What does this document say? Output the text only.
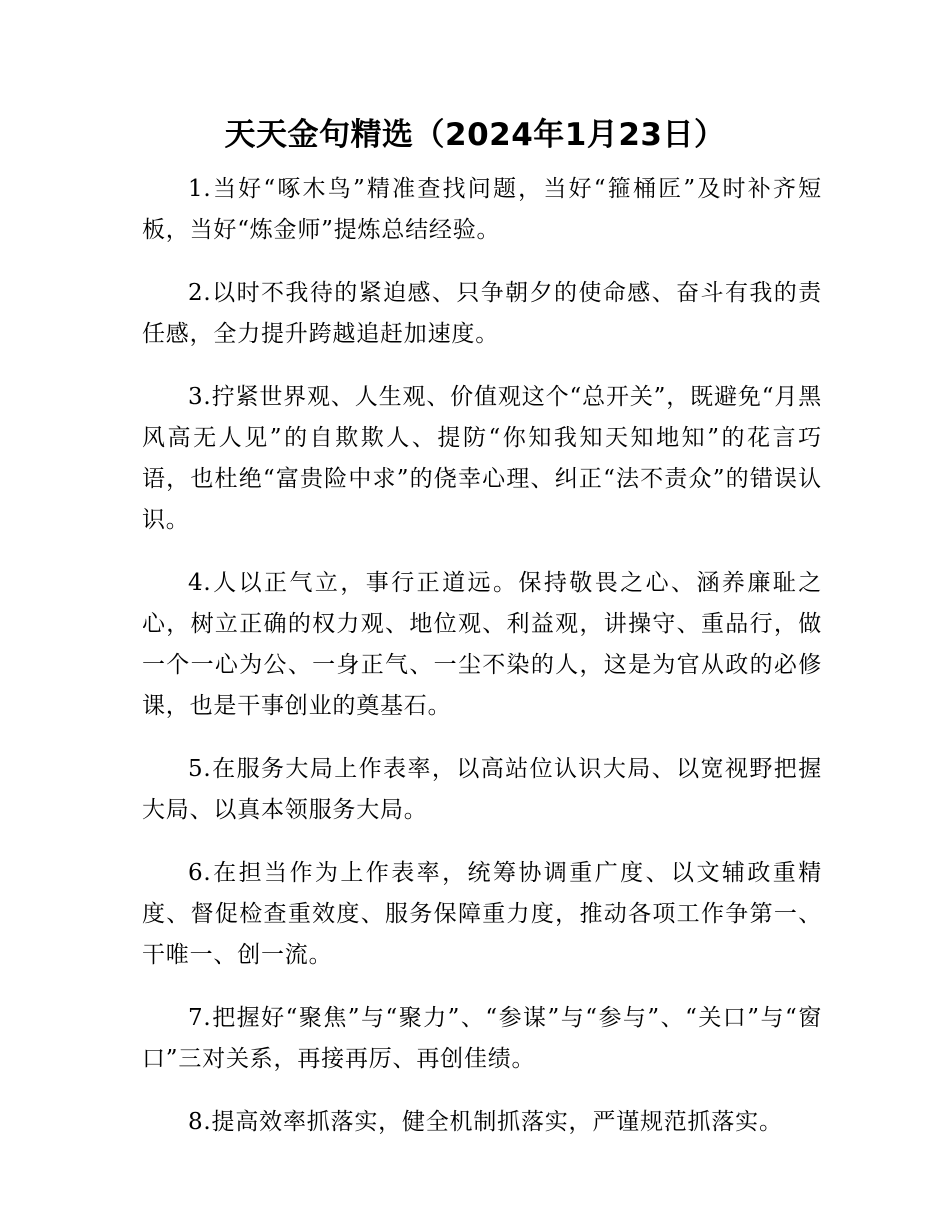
天天金句精选（2024年1月23日）

1.当好“啄木鸟”精准查找问题，当好“箍桶匠”及时补齐短板，当好“炼金师”提炼总结经验。

2.以时不我待的紧迫感、只争朝夕的使命感、奋斗有我的责任感，全力提升跨越追赶加速度。

3.拧紧世界观、人生观、价值观这个“总开关”，既避免“月黑风高无人见”的自欺欺人、提防“你知我知天知地知”的花言巧语，也杜绝“富贵险中求”的侥幸心理、纠正“法不责众”的错误认识。

4.人以正气立，事行正道远。保持敬畏之心、涵养廉耻之心，树立正确的权力观、地位观、利益观，讲操守、重品行，做一个一心为公、一身正气、一尘不染的人，这是为官从政的必修课，也是干事创业的奠基石。

5.在服务大局上作表率，以高站位认识大局、以宽视野把握大局、以真本领服务大局。

6.在担当作为上作表率，统筹协调重广度、以文辅政重精度、督促检查重效度、服务保障重力度，推动各项工作争第一、干唯一、创一流。

7.把握好“聚焦”与“聚力”、“参谋”与“参与”、“关口”与“窗口”三对关系，再接再厉、再创佳绩。

8.提高效率抓落实，健全机制抓落实，严谨规范抓落实。
